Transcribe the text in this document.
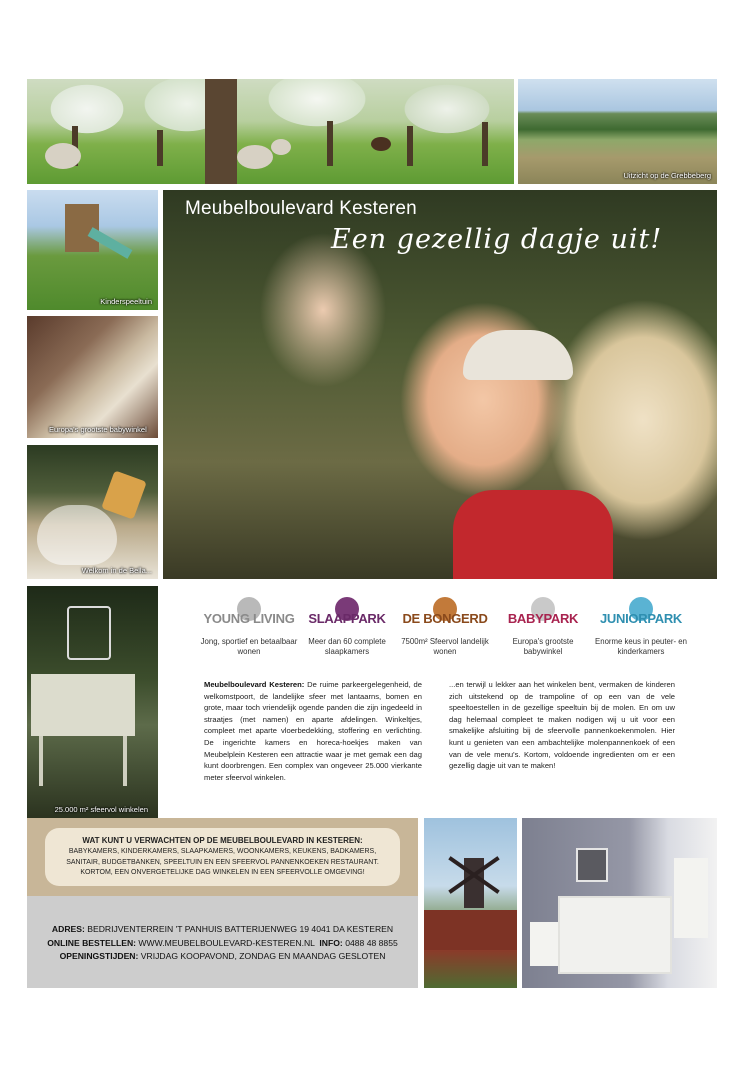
Uitzicht op de Grebbeberg
Kinderspeeltuin
Europa's grootste babywinkel
Welkom in de Bella...
25.000 m² sfeervol winkelen
Meubelboulevard Kesteren
Een gezellig dagje uit!
YOUNG LIVING
Jong, sportief en betaalbaar wonen
SLAAPPARK
Meer dan 60 complete slaapkamers
DE BONGERD
7500m² Sfeervol landelijk wonen
BABYPARK
Europa's grootste babywinkel
JUNIORPARK
Enorme keus in peuter- en kinderkamers
Meubelboulevard Kesteren: De ruime parkeergelegenheid, de welkomstpoort, de landelijke sfeer met lantaarns, bomen en grote, maar toch vriendelijk ogende panden die zijn ingedeeld in straatjes (met namen) en aparte afdelingen. Winkeltjes, compleet met aparte vloerbedekking, stoffering en verlichting. De ingerichte kamers en horeca-hoekjes maken van Meubelplein Kesteren een attractie waar je met gemak een dag kunt doorbrengen. Een complex van ongeveer 25.000 vierkante meter sfeervol winkelen.
...en terwijl u lekker aan het winkelen bent, vermaken de kinderen zich uitstekend op de trampoline of op een van de vele speeltoestellen in de gezellige speeltuin bij de molen. En om uw dag helemaal compleet te maken nodigen wij u uit voor een smakelijke afsluiting bij de sfeervolle pannenkoekenmolen. Hier kunt u genieten van een ambachtelijke molenpannenkoek of een van de vele menu's. Kortom, voldoende ingredienten om er een gezellig dagje uit van te maken!
WAT KUNT U VERWACHTEN OP DE MEUBELBOULEVARD IN KESTEREN:
BABYKAMERS, KINDERKAMERS, SLAAPKAMERS, WOONKAMERS, KEUKENS, BADKAMERS,
SANITAIR, BUDGETBANKEN, SPEELTUIN EN EEN SFEERVOL PANNENKOEKEN RESTAURANT.
KORTOM, EEN ONVERGETELIJKE DAG WINKELEN IN EEN SFEERVOLLE OMGEVING!
ADRES: BEDRIJVENTERREIN 'T PANHUIS BATTERIJENWEG 19 4041 DA KESTEREN
ONLINE BESTELLEN: WWW.MEUBELBOULEVARD-KESTEREN.NL INFO: 0488 48 8855
OPENINGSTIJDEN: VRIJDAG KOOPAVOND, ZONDAG EN MAANDAG GESLOTEN
